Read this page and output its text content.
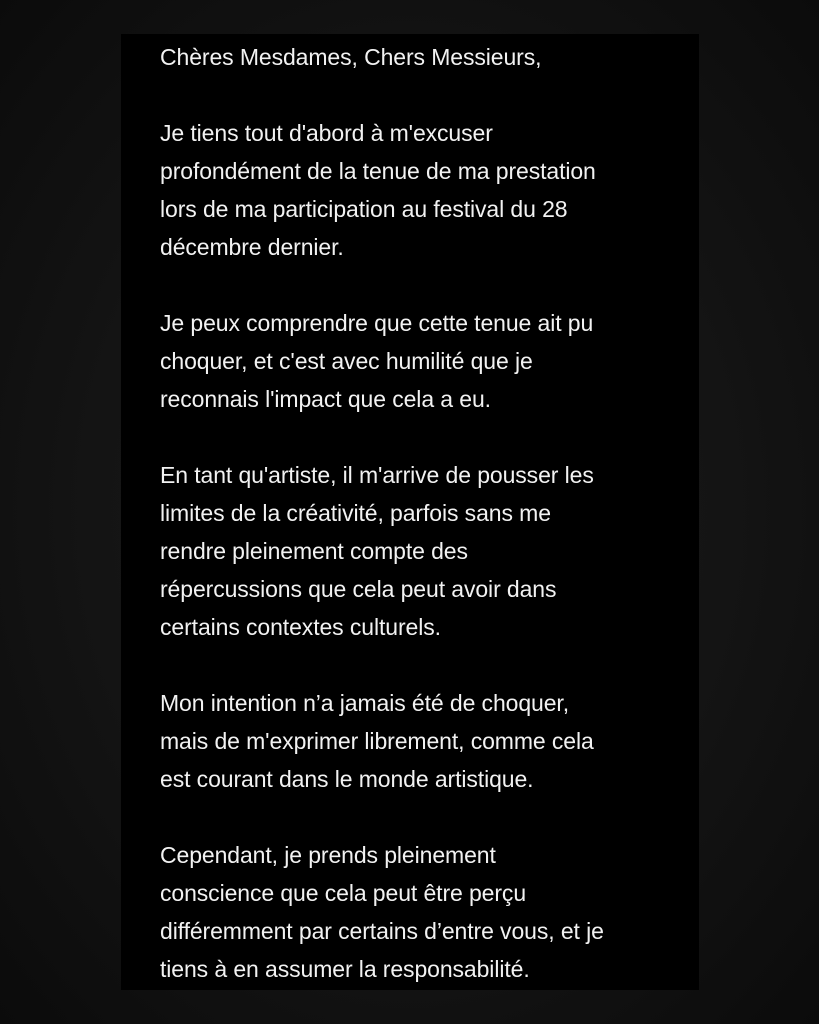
Chères Mesdames, Chers Messieurs,

Je tiens tout d'abord à m'excuser
profondément de la tenue de ma prestation
lors de ma participation au festival du 28
décembre dernier.

Je peux comprendre que cette tenue ait pu
choquer, et c'est avec humilité que je
reconnais l'impact que cela a eu.

En tant qu'artiste, il m'arrive de pousser les
limites de la créativité, parfois sans me
rendre pleinement compte des
répercussions que cela peut avoir dans
certains contextes culturels.

Mon intention n’a jamais été de choquer,
mais de m'exprimer librement, comme cela
est courant dans le monde artistique.

Cependant, je prends pleinement
conscience que cela peut être perçu
différemment par certains d’entre vous, et je
tiens à en assumer la responsabilité.
